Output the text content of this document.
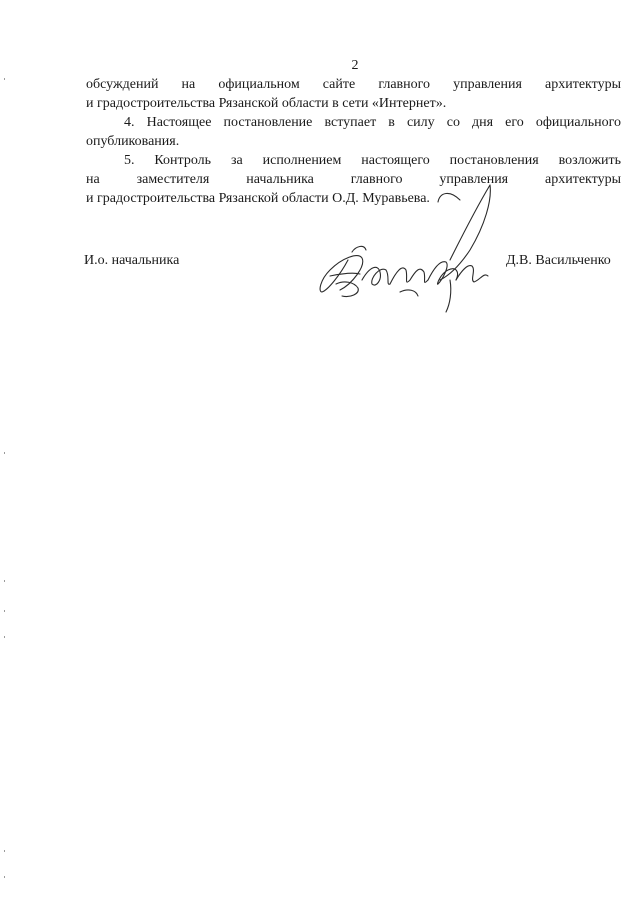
2
обсуждений на официальном сайте главного управления архитектуры
и градостроительства Рязанской области в сети «Интернет».
4. Настоящее постановление вступает в силу со дня его официального
опубликования.
5. Контроль за исполнением настоящего постановления возложить
на заместителя начальника главного управления архитектуры
и градостроительства Рязанской области О.Д. Муравьева.
И.о. начальника	Д.В. Васильченко
